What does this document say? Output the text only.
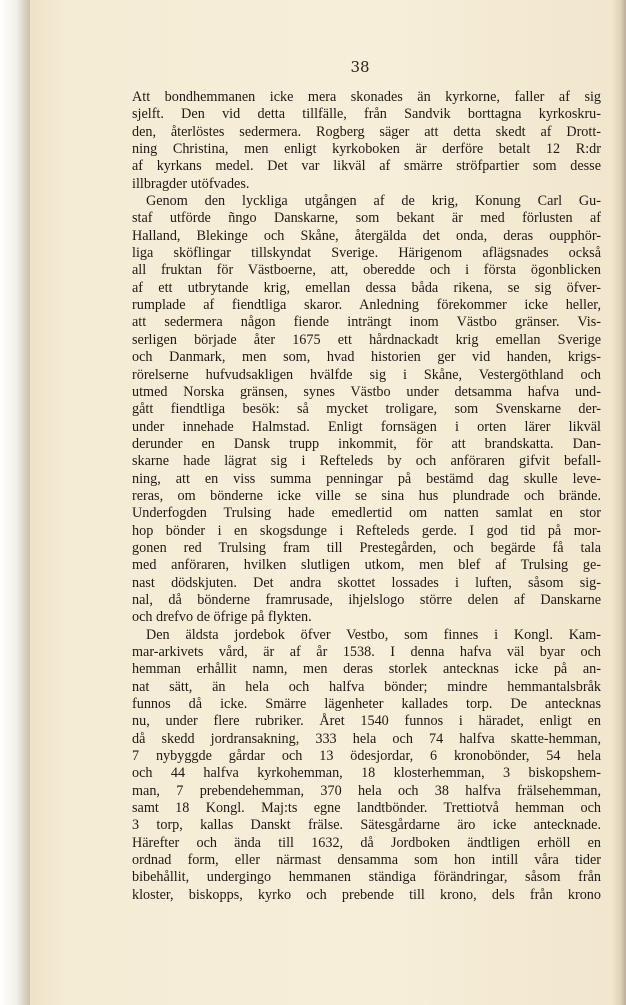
38
Att bondhemmanen icke mera skonades än kyrkorne, faller af sig
sjelft. Den vid detta tillfälle, från Sandvik borttagna kyrkoskru-
den, återlöstes sedermera. Rogberg säger att detta skedt af Drott-
ning Christina, men enligt kyrkoboken är derföre betalt 12 R:dr
af kyrkans medel. Det var likväl af smärre ströfpartier som desse
illbragder utöfvades.
Genom den lyckliga utgången af de krig, Konung Carl Gu-
staf utförde ñngo Danskarne, som bekant är med förlusten af
Halland, Blekinge och Skåne, återgälda det onda, deras oupphör-
liga sköflingar tillskyndat Sverige. Härigenom aflägsnades också
all fruktan för Västboerne, att, oberedde och i första ögonblicken
af ett utbrytande krig, emellan dessa båda rikena, se sig öfver-
rumplade af fiendtliga skaror. Anledning förekommer icke heller,
att sedermera någon fiende inträngt inom Västbo gränser. Vis-
serligen började åter 1675 ett hårdnackadt krig emellan Sverige
och Danmark, men som, hvad historien ger vid handen, krigs-
rörelserne hufvudsakligen hvälfde sig i Skåne, Vestergöthland och
utmed Norska gränsen, synes Västbo under detsamma hafva und-
gått fiendtliga besök: så mycket troligare, som Svenskarne der-
under innehade Halmstad. Enligt fornsägen i orten lärer likväl
derunder en Dansk trupp inkommit, för att brandskatta. Dan-
skarne hade lägrat sig i Refteleds by och anföraren gifvit befall-
ning, att en viss summa penningar på bestämd dag skulle leve-
reras, om bönderne icke ville se sina hus plundrade och brände.
Underfogden Trulsing hade emedlertid om natten samlat en stor
hop bönder i en skogsdunge i Refteleds gerde. I god tid på mor-
gonen red Trulsing fram till Prestegården, och begärde få tala
med anföraren, hvilken slutligen utkom, men blef af Trulsing ge-
nast dödskjuten. Det andra skottet lossades i luften, såsom sig-
nal, då bönderne framrusade, ihjelslogo större delen af Danskarne
och drefvo de öfrige på flykten.
Den äldsta jordebok öfver Vestbo, som finnes i Kongl. Kam-
mar-arkivets vård, är af år 1538. I denna hafva väl byar och
hemman erhållit namn, men deras storlek antecknas icke på an-
nat sätt, än hela och halfva bönder; mindre hemmantalsbråk
funnos då icke. Smärre lägenheter kallades torp. De antecknas
nu, under flere rubriker. Året 1540 funnos i häradet, enligt en
då skedd jordransakning, 333 hela och 74 halfva skatte-hemman,
7 nybyggde gårdar och 13 ödesjordar, 6 kronobönder, 54 hela
och 44 halfva kyrkohemman, 18 klosterhemman, 3 biskopshem-
man, 7 prebendehemman, 370 hela och 38 halfva frälsehemman,
samt 18 Kongl. Maj:ts egne landtbönder. Trettiotvå hemman och
3 torp, kallas Danskt frälse. Sätesgårdarne äro icke antecknade.
Härefter och ända till 1632, då Jordboken ändtligen erhöll en
ordnad form, eller närmast densamma som hon intill våra tider
bibehållit, undergingo hemmanen ständiga förändringar, såsom från
kloster, biskopps, kyrko och prebende till krono, dels från krono
